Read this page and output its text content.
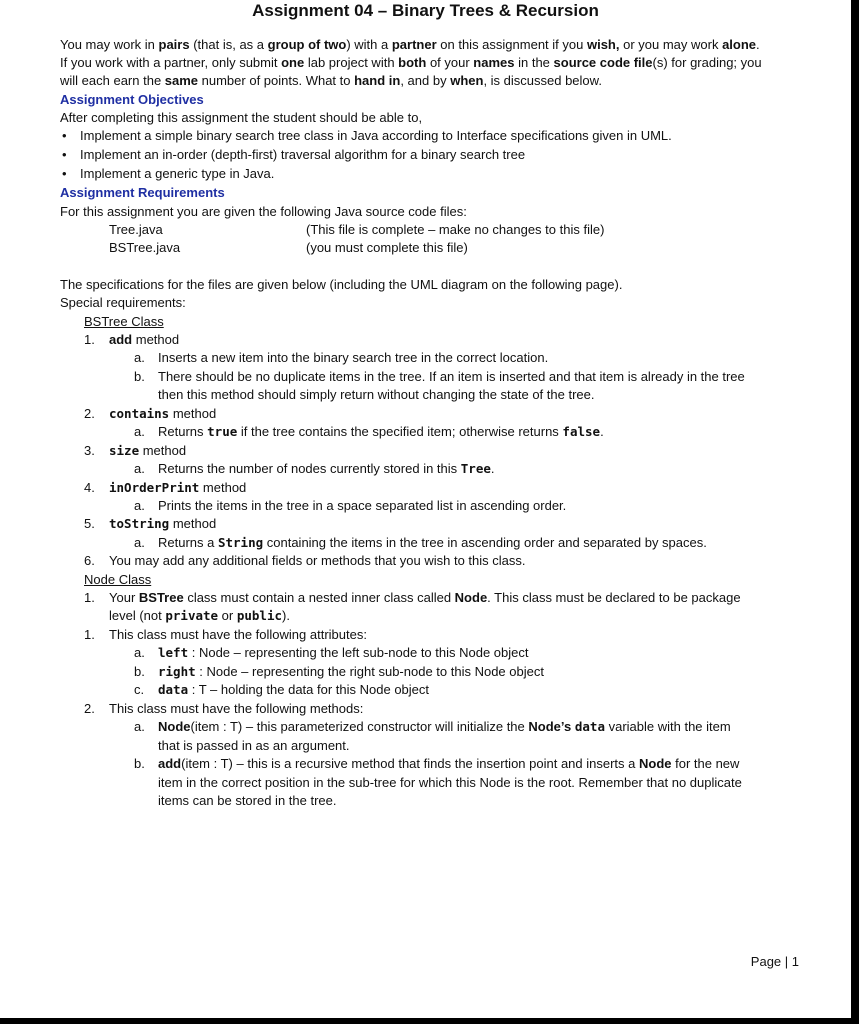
Assignment 04 – Binary Trees & Recursion
You may work in pairs (that is, as a group of two) with a partner on this assignment if you wish, or you may work alone.
If you work with a partner, only submit one lab project with both of your names in the source code file(s) for grading; you
will each earn the same number of points. What to hand in, and by when, is discussed below.
Assignment Objectives
After completing this assignment the student should be able to,
• Implement a simple binary search tree class in Java according to Interface specifications given in UML.
• Implement an in-order (depth-first) traversal algorithm for a binary search tree
• Implement a generic type in Java.
Assignment Requirements
For this assignment you are given the following Java source code files:
Tree.java	(This file is complete – make no changes to this file)
BSTree.java	(you must complete this file)
The specifications for the files are given below (including the UML diagram on the following page).
Special requirements:
BSTree Class
1. add method
a. Inserts a new item into the binary search tree in the correct location.
b. There should be no duplicate items in the tree. If an item is inserted and that item is already in the tree
then this method should simply return without changing the state of the tree.
2. contains method
a. Returns true if the tree contains the specified item; otherwise returns false.
3. size method
a. Returns the number of nodes currently stored in this Tree.
4. inOrderPrint method
a. Prints the items in the tree in a space separated list in ascending order.
5. toString method
a. Returns a String containing the items in the tree in ascending order and separated by spaces.
6. You may add any additional fields or methods that you wish to this class.
Node Class
1. Your BSTree class must contain a nested inner class called Node. This class must be declared to be package
level (not private or public).
1. This class must have the following attributes:
a. left : Node – representing the left sub-node to this Node object
b. right : Node – representing the right sub-node to this Node object
c. data : T – holding the data for this Node object
2. This class must have the following methods:
a. Node(item : T) – this parameterized constructor will initialize the Node’s data variable with the item
that is passed in as an argument.
b. add(item : T) – this is a recursive method that finds the insertion point and inserts a Node for the new
item in the correct position in the sub-tree for which this Node is the root. Remember that no duplicate
items can be stored in the tree.
Page | 1
